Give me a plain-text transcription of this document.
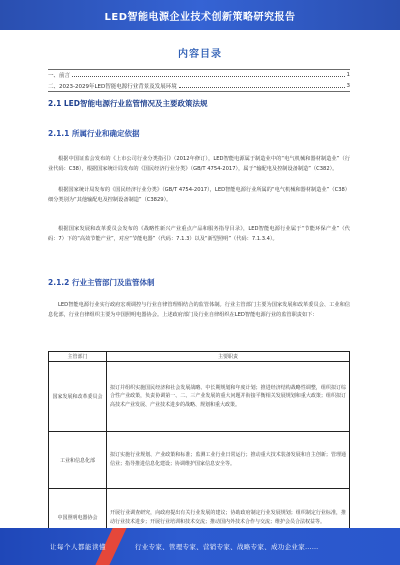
LED智能电源企业技术创新策略研究报告
内容目录
一、前言	1
二、2023-2029年LED智能电源行业背景及发展环境	3
2.1 LED智能电源行业监管情况及主要政策法规
2.1.1 所属行业和确定依据
根据中国证监会发布的《上市公司行业分类指引》（2012年修订），LED智能电源属于制造业中的“电气机械和器材制造业”（行业代码：C38），根据国家统计局发布的《国民经济行业分类》（GB/T 4754-2017），属于“输配电及控制设备制造”（C382）。
根据国家统计局发布的《国民经济行业分类》（GB/T 4754-2017），LED智能电源行业所属的“电气机械和器材制造业”（C38）细分类别为“其他输配电及控制设备制造”（C3829）。
根据国家发展和改革委员会发布的《战略性新兴产业重点产品和服务指导目录》，LED智能电源行业属于“节能环保产业”（代码：7）下的“高效节能产业”，对应“节能电器”（代码：7.1.3）以及“新型照明”（代码：7.1.3.4）。
2.1.2 行业主管部门及监管体制
LED智能电源行业实行政府宏观调控与行业自律管理相结合的监管体制。行业主管部门主要为国家发展和改革委员会、工业和信息化部，行业自律组织主要为中国照明电器协会。上述政府部门及行业自律组织在LED智能电源行业的监管职责如下：
主管部门	主要职责
国家发展和改革委员会	拟订并组织实施国民经济和社会发展战略、中长期规划和年度计划；推进经济结构战略性调整，组织拟订综合性产业政策，负责协调第一、二、三产业发展的重大问题并衔接平衡相关发展规划和重大政策；组织拟订高技术产业发展、产业技术进步的战略、规划和重大政策。
工业和信息化部	拟订实施行业规划、产业政策和标准；监测工业行业日常运行；推动重大技术装备发展和自主创新；管理通信业；指导推进信息化建设；协调维护国家信息安全等。
中国照明电器协会	开展行业调查研究，向政府提出有关行业发展的建议；协助政府制定行业发展规划；组织制定行业标准，推动行业技术进步；开展行业培训和技术交流；推动国内外技术合作与交流；维护会员合法权益等。
让每个人都能读懂	行业专家、管理专家、营销专家、战略专家、成功企业家……
